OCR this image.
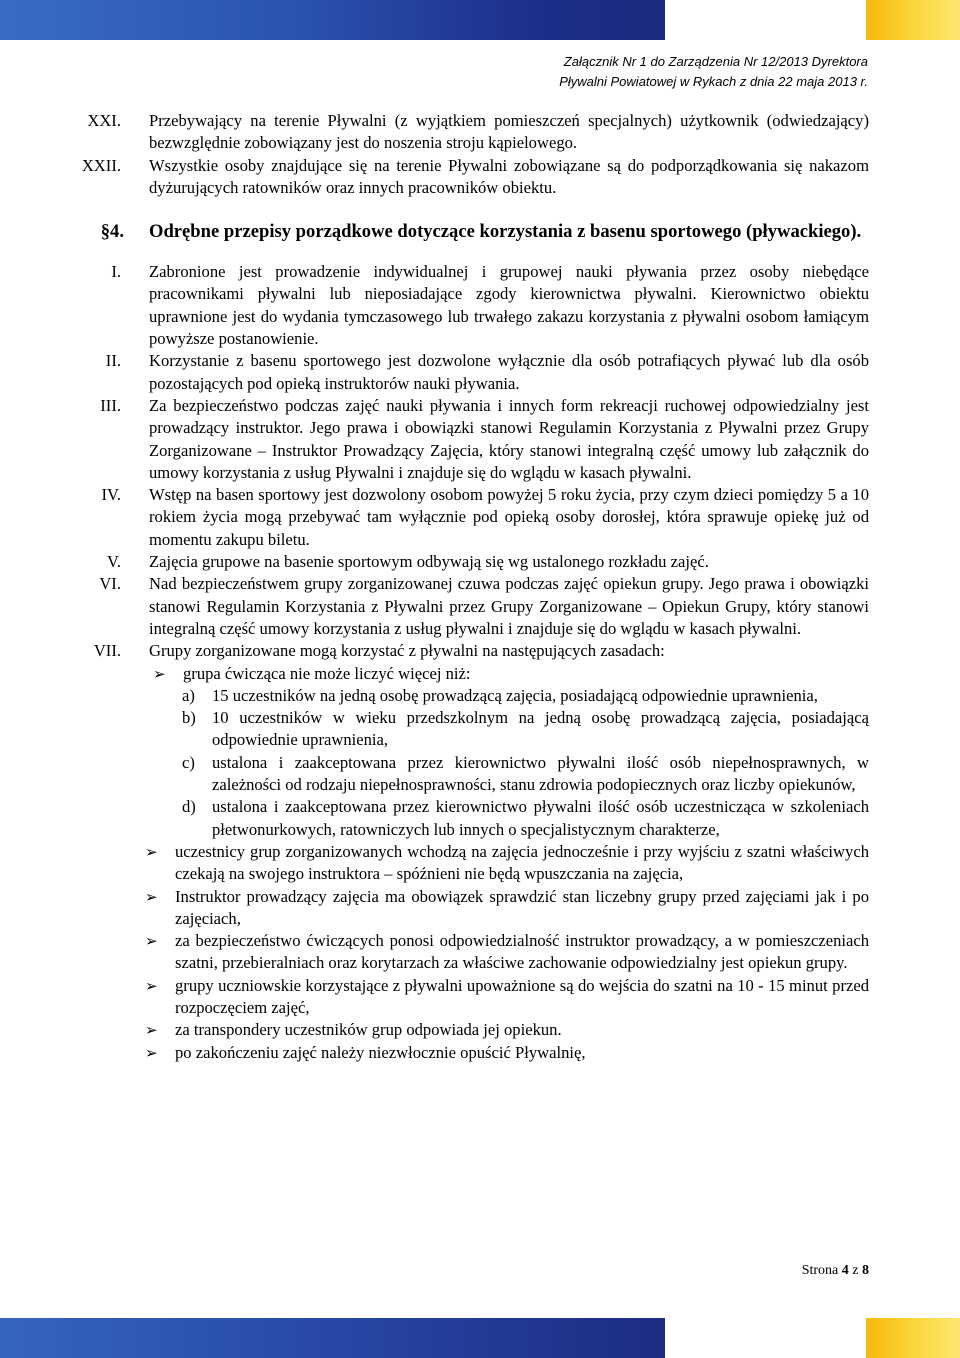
Załącznik Nr 1 do Zarządzenia Nr 12/2013 Dyrektora
Pływalni Powiatowej w Rykach z dnia 22 maja 2013 r.
XXI. Przebywający na terenie Pływalni (z wyjątkiem pomieszczeń specjalnych) użytkownik (odwiedzający) bezwzględnie zobowiązany jest do noszenia stroju kąpielowego.
XXII. Wszystkie osoby znajdujące się na terenie Pływalni zobowiązane są do podporządkowania się nakazom dyżurujących ratowników oraz innych pracowników obiektu.
§4. Odrębne przepisy porządkowe dotyczące korzystania z basenu sportowego (pływackiego).
I. Zabronione jest prowadzenie indywidualnej i grupowej nauki pływania przez osoby niebędące pracownikami pływalni lub nieposiadające zgody kierownictwa pływalni. Kierownictwo obiektu uprawnione jest do wydania tymczasowego lub trwałego zakazu korzystania z pływalni osobom łamiącym powyższe postanowienie.
II. Korzystanie z basenu sportowego jest dozwolone wyłącznie dla osób potrafiących pływać lub dla osób pozostających pod opieką instruktorów nauki pływania.
III. Za bezpieczeństwo podczas zajęć nauki pływania i innych form rekreacji ruchowej odpowiedzialny jest prowadzący instruktor. Jego prawa i obowiązki stanowi Regulamin Korzystania z Pływalni przez Grupy Zorganizowane – Instruktor Prowadzący Zajęcia, który stanowi integralną część umowy lub załącznik do umowy korzystania z usług Pływalni i znajduje się do wglądu w kasach pływalni.
IV. Wstęp na basen sportowy jest dozwolony osobom powyżej 5 roku życia, przy czym dzieci pomiędzy 5 a 10 rokiem życia mogą przebywać tam wyłącznie pod opieką osoby dorosłej, która sprawuje opiekę już od momentu zakupu biletu.
V. Zajęcia grupowe na basenie sportowym odbywają się wg ustalonego rozkładu zajęć.
VI. Nad bezpieczeństwem grupy zorganizowanej czuwa podczas zajęć opiekun grupy. Jego prawa i obowiązki stanowi Regulamin Korzystania z Pływalni przez Grupy Zorganizowane – Opiekun Grupy, który stanowi integralną część umowy korzystania z usług pływalni i znajduje się do wglądu w kasach pływalni.
VII. Grupy zorganizowane mogą korzystać z pływalni na następujących zasadach:
➢ grupa ćwicząca nie może liczyć więcej niż:
a) 15 uczestników na jedną osobę prowadzącą zajęcia, posiadającą odpowiednie uprawnienia,
b) 10 uczestników w wieku przedszkolnym na jedną osobę prowadzącą zajęcia, posiadającą odpowiednie uprawnienia,
c) ustalona i zaakceptowana przez kierownictwo pływalni ilość osób niepełnosprawnych, w zależności od rodzaju niepełnosprawności, stanu zdrowia podopiecznych oraz liczby opiekunów,
d) ustalona i zaakceptowana przez kierownictwo pływalni ilość osób uczestnicząca w szkoleniach płetwonurkowych, ratowniczych lub innych o specjalistycznym charakterze,
➢ uczestnicy grup zorganizowanych wchodzą na zajęcia jednocześnie i przy wyjściu z szatni właściwych czekają na swojego instruktora – spóźnieni nie będą wpuszczania na zajęcia,
➢ Instruktor prowadzący zajęcia ma obowiązek sprawdzić stan liczebny grupy przed zajęciami jak i po zajęciach,
➢ za bezpieczeństwo ćwiczących ponosi odpowiedzialność instruktor prowadzący, a w pomieszczeniach szatni, przebieralniach oraz korytarzach za właściwe zachowanie odpowiedzialny jest opiekun grupy.
➢ grupy uczniowskie korzystające z pływalni upoważnione są do wejścia do szatni na 10 - 15 minut przed rozpoczęciem zajęć,
➢ za transpondery uczestników grup odpowiada jej opiekun.
➢ po zakończeniu zajęć należy niezwłocznie opuścić Pływalnię,
Strona 4 z 8
